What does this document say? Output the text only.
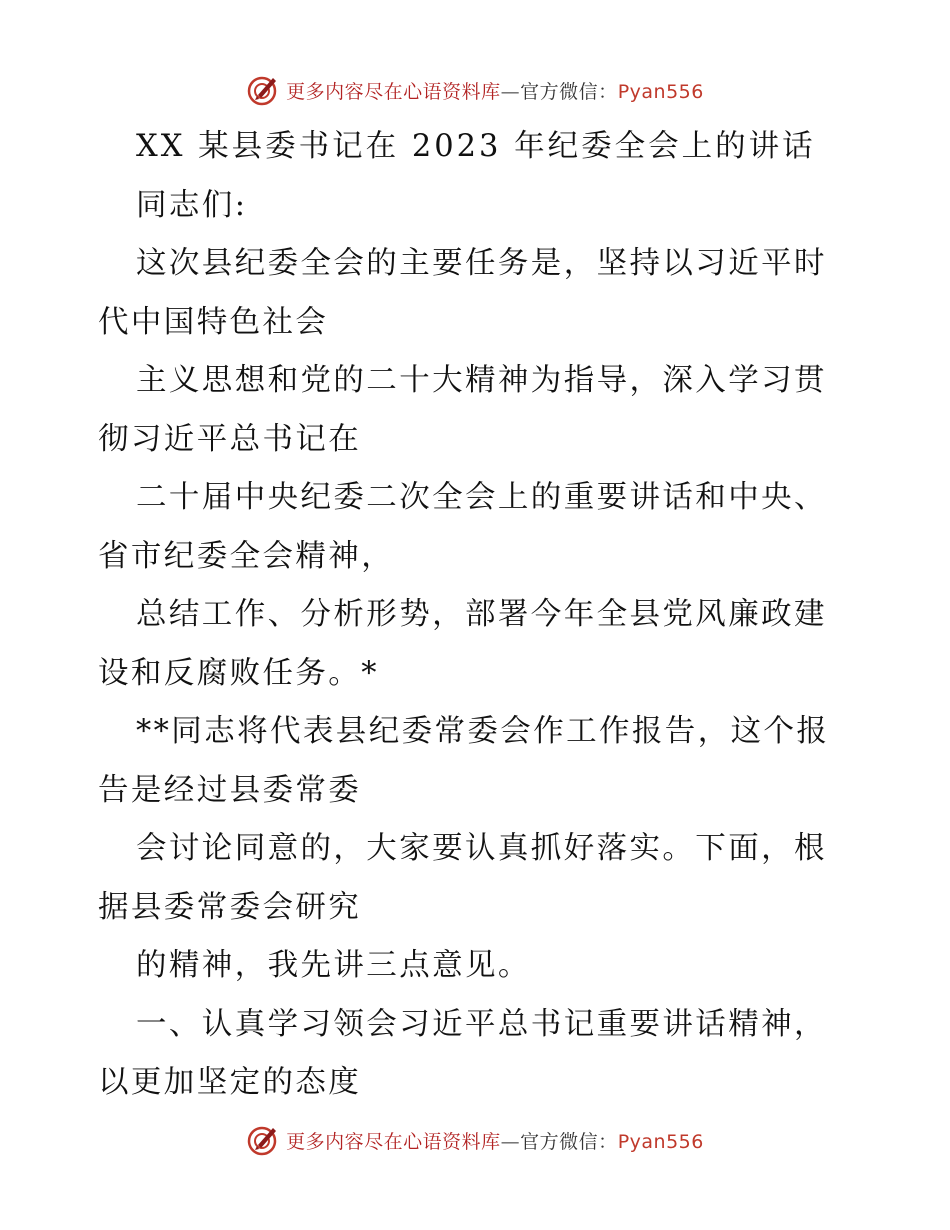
更多内容尽在心语资料库—官方微信：Pyan556
XX 某县委书记在 2023 年纪委全会上的讲话
同志们:
这次县纪委全会的主要任务是，坚持以习近平时
代中国特色社会
主义思想和党的二十大精神为指导，深入学习贯
彻习近平总书记在
二十届中央纪委二次全会上的重要讲话和中央、
省市纪委全会精神，
总结工作、分析形势，部署今年全县党风廉政建
设和反腐败任务。*
**同志将代表县纪委常委会作工作报告，这个报
告是经过县委常委
会讨论同意的，大家要认真抓好落实。下面，根
据县委常委会研究
的精神，我先讲三点意见。
一、认真学习领会习近平总书记重要讲话精神，
以更加坚定的态度
更多内容尽在心语资料库—官方微信：Pyan556
